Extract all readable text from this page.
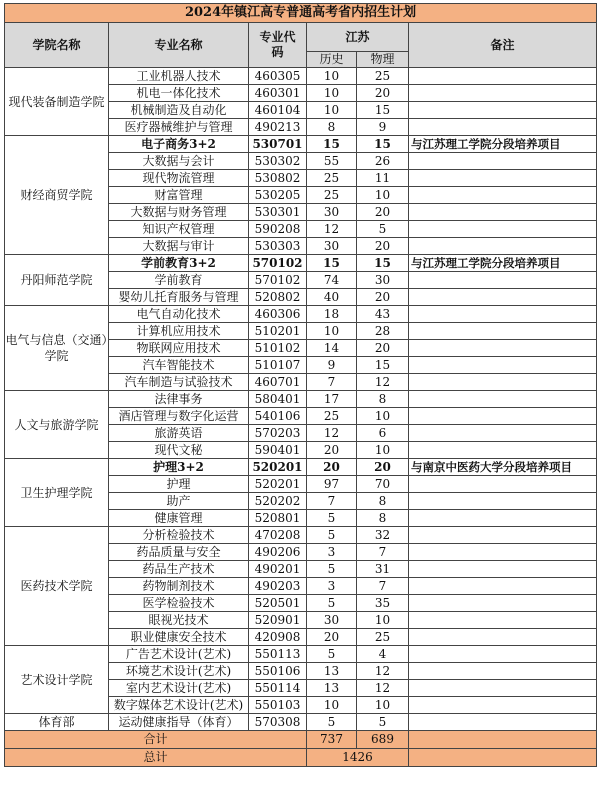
2024年镇江高专普通高考省内招生计划					
学院名称	专业名称	专业代码	江苏		备注
			历史	物理	
现代装备制造学院	工业机器人技术	460305	10	25	
	机电一体化技术	460301	10	20	
	机械制造及自动化	460104	10	15	
	医疗器械维护与管理	490213	8	9	
财经商贸学院	电子商务3+2	530701	15	15	与江苏理工学院分段培养项目
	大数据与会计	530302	55	26	
	现代物流管理	530802	25	11	
	财富管理	530205	25	10	
	大数据与财务管理	530301	30	20	
	知识产权管理	590208	12	5	
	大数据与审计	530303	30	20	
丹阳师范学院	学前教育3+2	570102	15	15	与江苏理工学院分段培养项目
	学前教育	570102	74	30	
	婴幼儿托育服务与管理	520802	40	20	
电气与信息（交通）学院	电气自动化技术	460306	18	43	
	计算机应用技术	510201	10	28	
	物联网应用技术	510102	14	20	
	汽车智能技术	510107	9	15	
	汽车制造与试验技术	460701	7	12	
人文与旅游学院	法律事务	580401	17	8	
	酒店管理与数字化运营	540106	25	10	
	旅游英语	570203	12	6	
	现代文秘	590401	20	10	
卫生护理学院	护理3+2	520201	20	20	与南京中医药大学分段培养项目
	护理	520201	97	70	
	助产	520202	7	8	
	健康管理	520801	5	8	
医药技术学院	分析检验技术	470208	5	32	
	药品质量与安全	490206	3	7	
	药品生产技术	490201	5	31	
	药物制剂技术	490203	3	7	
	医学检验技术	520501	5	35	
	眼视光技术	520901	30	10	
	职业健康安全技术	420908	20	25	
艺术设计学院	广告艺术设计(艺术)	550113	5	4	
	环境艺术设计(艺术)	550106	13	12	
	室内艺术设计(艺术)	550114	13	12	
	数字媒体艺术设计(艺术)	550103	10	10	
体育部	运动健康指导（体育）	570308	5	5	
合计			737	689	
总计			1426		
